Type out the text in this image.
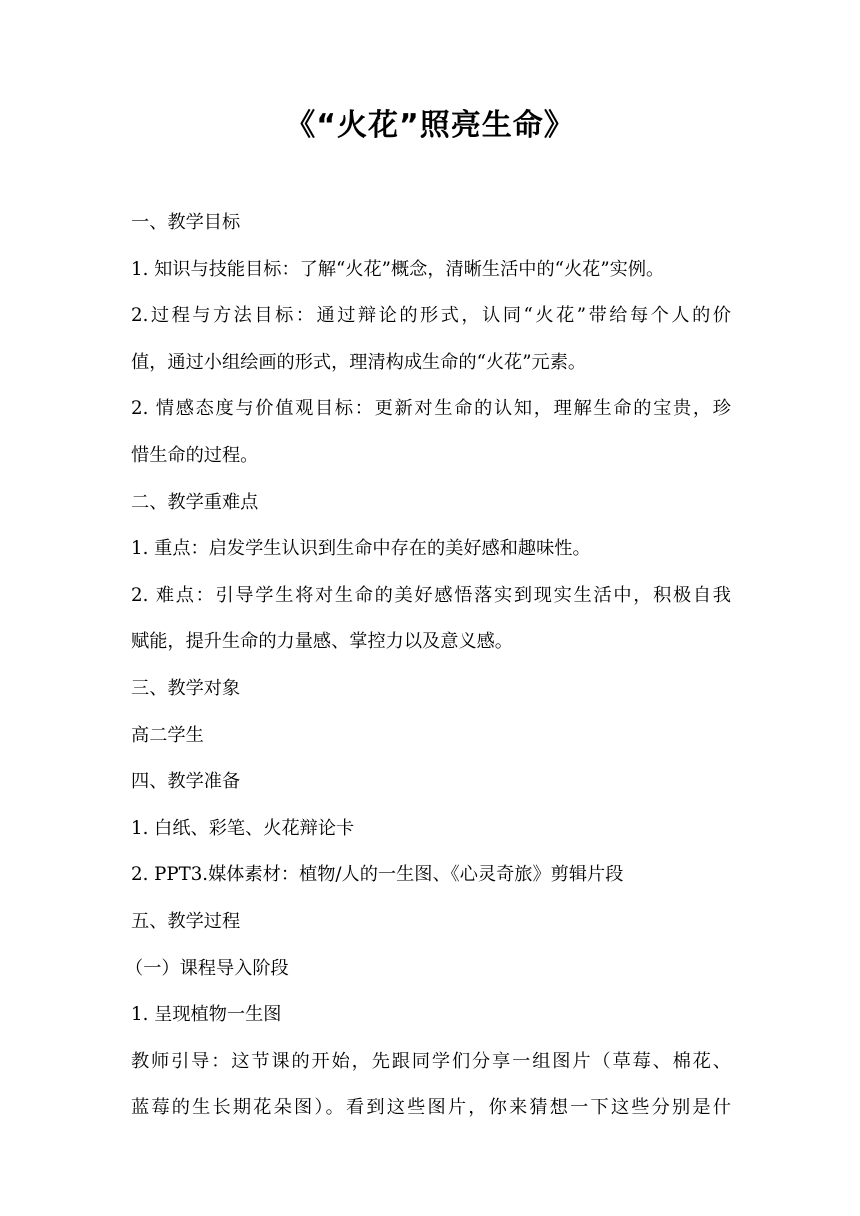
《“火花”照亮生命》
一、教学目标
1. 知识与技能目标：了解“火花”概念，清晰生活中的“火花”实例。
2.过程与方法目标：通过辩论的形式，认同“火花”带给每个人的价
值，通过小组绘画的形式，理清构成生命的“火花”元素。
2. 情感态度与价值观目标：更新对生命的认知，理解生命的宝贵，珍
惜生命的过程。
二、教学重难点
1. 重点：启发学生认识到生命中存在的美好感和趣味性。
2. 难点：引导学生将对生命的美好感悟落实到现实生活中，积极自我
赋能，提升生命的力量感、掌控力以及意义感。
三、教学对象
高二学生
四、教学准备
1. 白纸、彩笔、火花辩论卡
2. PPT3.媒体素材：植物/人的一生图、《心灵奇旅》剪辑片段
五、教学过程
（一）课程导入阶段
1. 呈现植物一生图
教师引导：这节课的开始，先跟同学们分享一组图片（草莓、棉花、
蓝莓的生长期花朵图）。看到这些图片，你来猜想一下这些分别是什
